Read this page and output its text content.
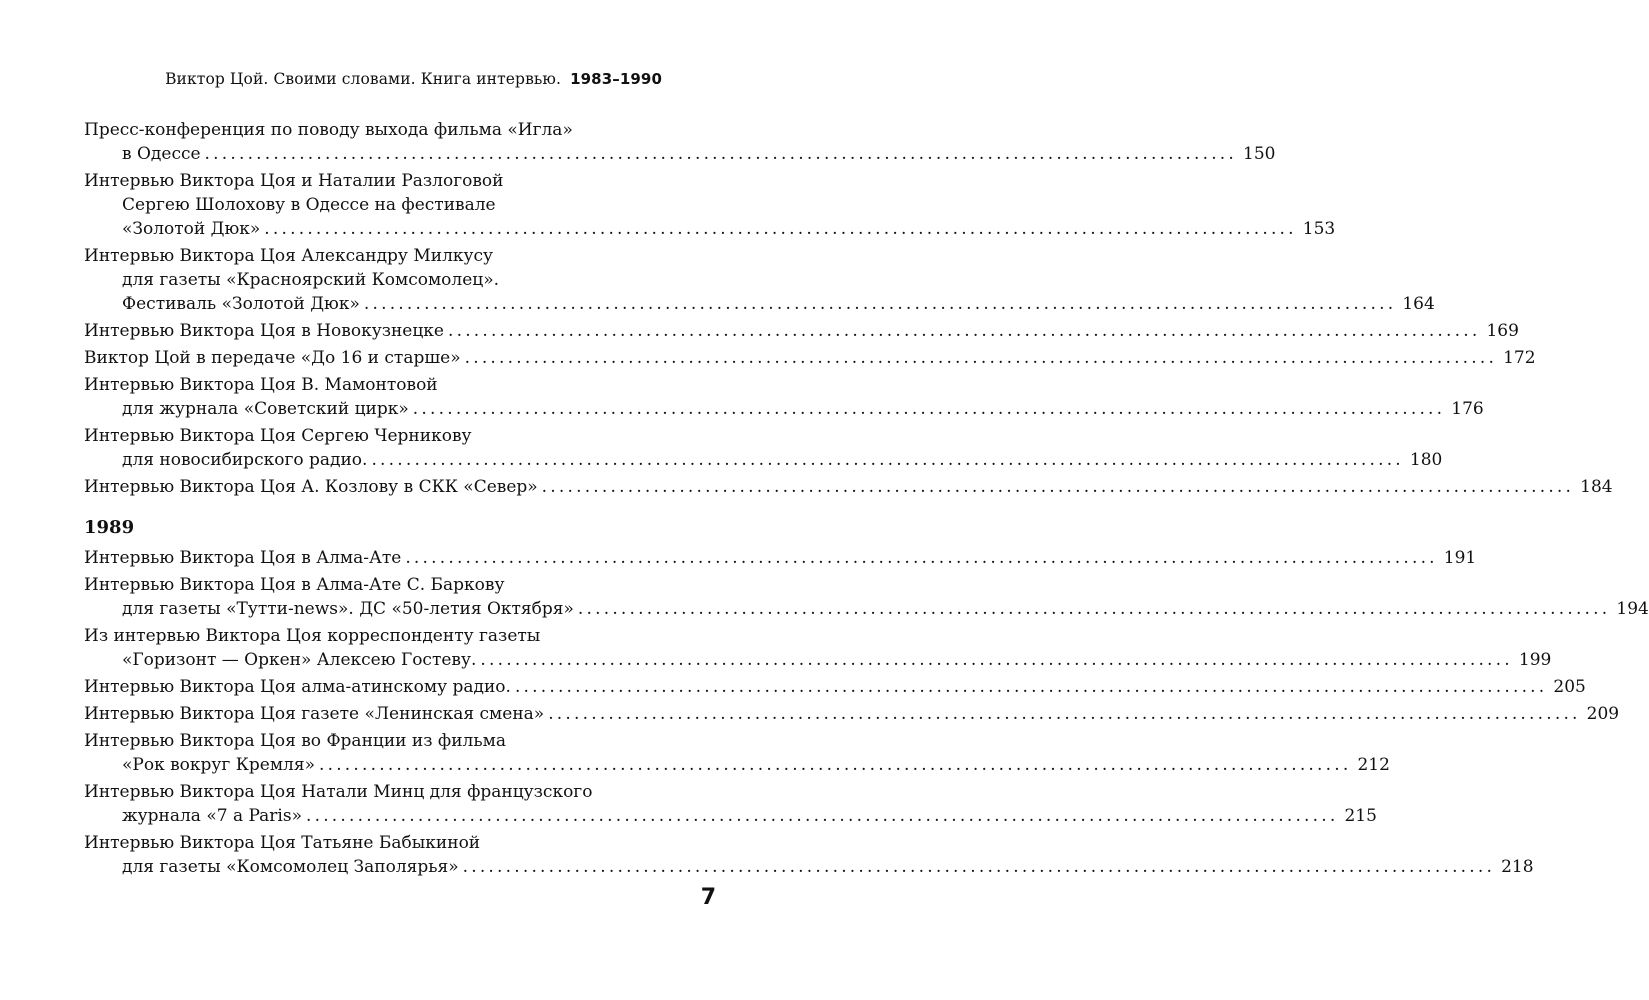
Виктор Цой. Своими словами. Книга интервью. 1983–1990
Пресс-конференция по поводу выхода фильма «Игла»
в Одессе ........................................................................................................................ 150
Интервью Виктора Цоя и Наталии Разлоговой
Сергею Шолохову в Одессе на фестивале
«Золотой Дюк» ........................................................................................................................ 153
Интервью Виктора Цоя Александру Милкусу
для газеты «Красноярский Комсомолец».
Фестиваль «Золотой Дюк» ........................................................................................................................ 164
Интервью Виктора Цоя в Новокузнецке ........................................................................................................................ 169
Виктор Цой в передаче «До 16 и старше» ........................................................................................................................ 172
Интервью Виктора Цоя В. Мамонтовой
для журнала «Советский цирк» ........................................................................................................................ 176
Интервью Виктора Цоя Сергею Черникову
для новосибирского радио. ........................................................................................................................ 180
Интервью Виктора Цоя А. Козлову в СКК «Север» ........................................................................................................................ 184
1989
Интервью Виктора Цоя в Алма-Ате ........................................................................................................................ 191
Интервью Виктора Цоя в Алма-Ате С. Баркову
для газеты «Тутти-news». ДС «50-летия Октября» ........................................................................................................................ 194
Из интервью Виктора Цоя корреспонденту газеты
«Горизонт — Оркен» Алексею Гостеву. ........................................................................................................................ 199
Интервью Виктора Цоя алма-атинскому радио. ........................................................................................................................ 205
Интервью Виктора Цоя газете «Ленинская смена» ........................................................................................................................ 209
Интервью Виктора Цоя во Франции из фильма
«Рок вокруг Кремля» ........................................................................................................................ 212
Интервью Виктора Цоя Натали Минц для французского
журнала «7 a Paris» ........................................................................................................................ 215
Интервью Виктора Цоя Татьяне Бабыкиной
для газеты «Комсомолец Заполярья» ........................................................................................................................ 218
7
